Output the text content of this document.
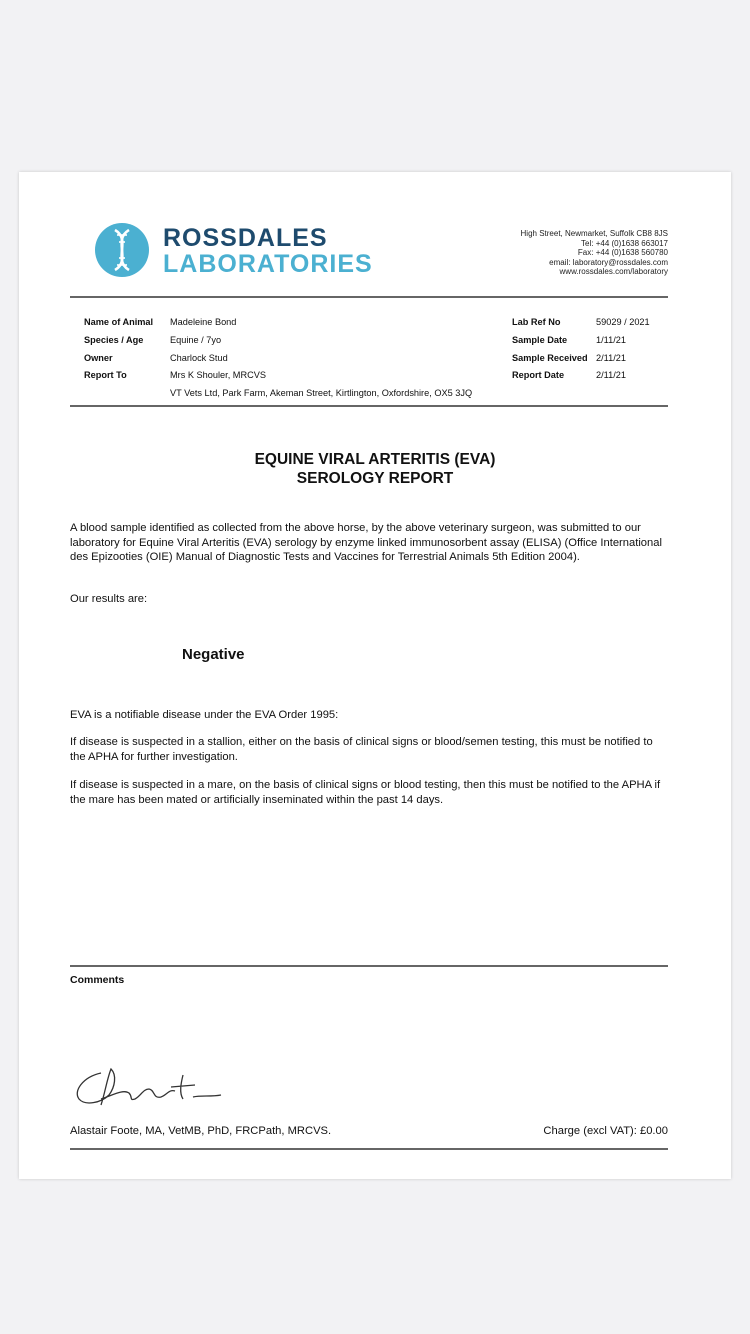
ROSSDALES
LABORATORIES
High Street, Newmarket, Suffolk CB8 8JS
Tel: +44 (0)1638 663017
Fax: +44 (0)1638 560780
email: laboratory@rossdales.com
www.rossdales.com/laboratory
Name of Animal Madeleine Bond
Species / Age	Equine / 7yo
Owner	Charlock Stud
Report To	Mrs K Shouler, MRCVS
VT Vets Ltd, Park Farm, Akeman Street, Kirtlington, Oxfordshire, OX5 3JQ
Lab Ref No	59029 / 2021
Sample Date	1/11/21
Sample Received 2/11/21
Report Date	2/11/21
EQUINE VIRAL ARTERITIS (EVA)
SEROLOGY REPORT
A blood sample identified as collected from the above horse, by the above veterinary surgeon, was submitted to our laboratory for Equine Viral Arteritis (EVA) serology by enzyme linked immunosorbent assay (ELISA) (Office International des Epizooties (OIE) Manual of Diagnostic Tests and Vaccines for Terrestrial Animals 5th Edition 2004).
Our results are:
Negative
EVA is a notifiable disease under the EVA Order 1995:
If disease is suspected in a stallion, either on the basis of clinical signs or blood/semen testing, this must be notified to the APHA for further investigation.
If disease is suspected in a mare, on the basis of clinical signs or blood testing, then this must be notified to the APHA if the mare has been mated or artificially inseminated within the past 14 days.
Comments
Alastair Foote, MA, VetMB, PhD, FRCPath, MRCVS.	Charge (excl VAT): £0.00
